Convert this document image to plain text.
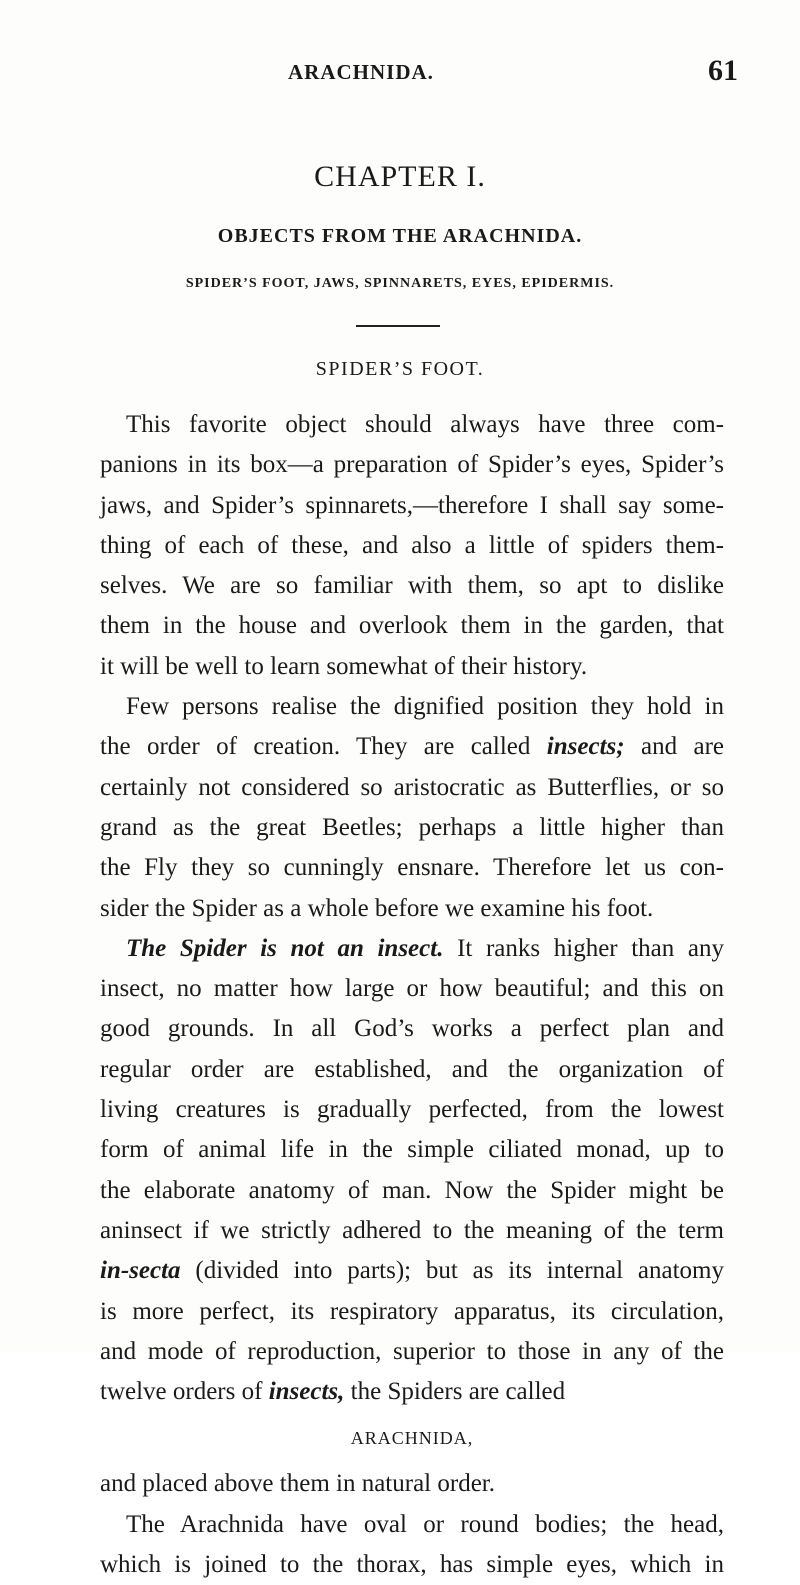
ARACHNIDA.	61
CHAPTER I.
OBJECTS FROM THE ARACHNIDA.
SPIDER’S FOOT, JAWS, SPINNARETS, EYES, EPIDERMIS.
SPIDER’S FOOT.
This favorite object should always have three com-
panions in its box—a preparation of Spider’s eyes, Spider’s
jaws, and Spider’s spinnarets,—therefore I shall say some-
thing of each of these, and also a little of spiders them-
selves. We are so familiar with them, so apt to dislike
them in the house and overlook them in the garden, that
it will be well to learn somewhat of their history.
Few persons realise the dignified position they hold in
the order of creation. They are called insects; and are
certainly not considered so aristocratic as Butterflies, or so
grand as the great Beetles; perhaps a little higher than
the Fly they so cunningly ensnare. Therefore let us con-
sider the Spider as a whole before we examine his foot.
The Spider is not an insect. It ranks higher than any
insect, no matter how large or how beautiful; and this on
good grounds. In all God’s works a perfect plan and
regular order are established, and the organization of
living creatures is gradually perfected, from the lowest
form of animal life in the simple ciliated monad, up to
the elaborate anatomy of man. Now the Spider might be
aninsect if we strictly adhered to the meaning of the term
in-secta (divided into parts); but as its internal anatomy
is more perfect, its respiratory apparatus, its circulation,
and mode of reproduction, superior to those in any of the
twelve orders of insects, the Spiders are called
ARACHNIDA,
and placed above them in natural order.
The Arachnida have oval or round bodies; the head,
which is joined to the thorax, has simple eyes, which in
